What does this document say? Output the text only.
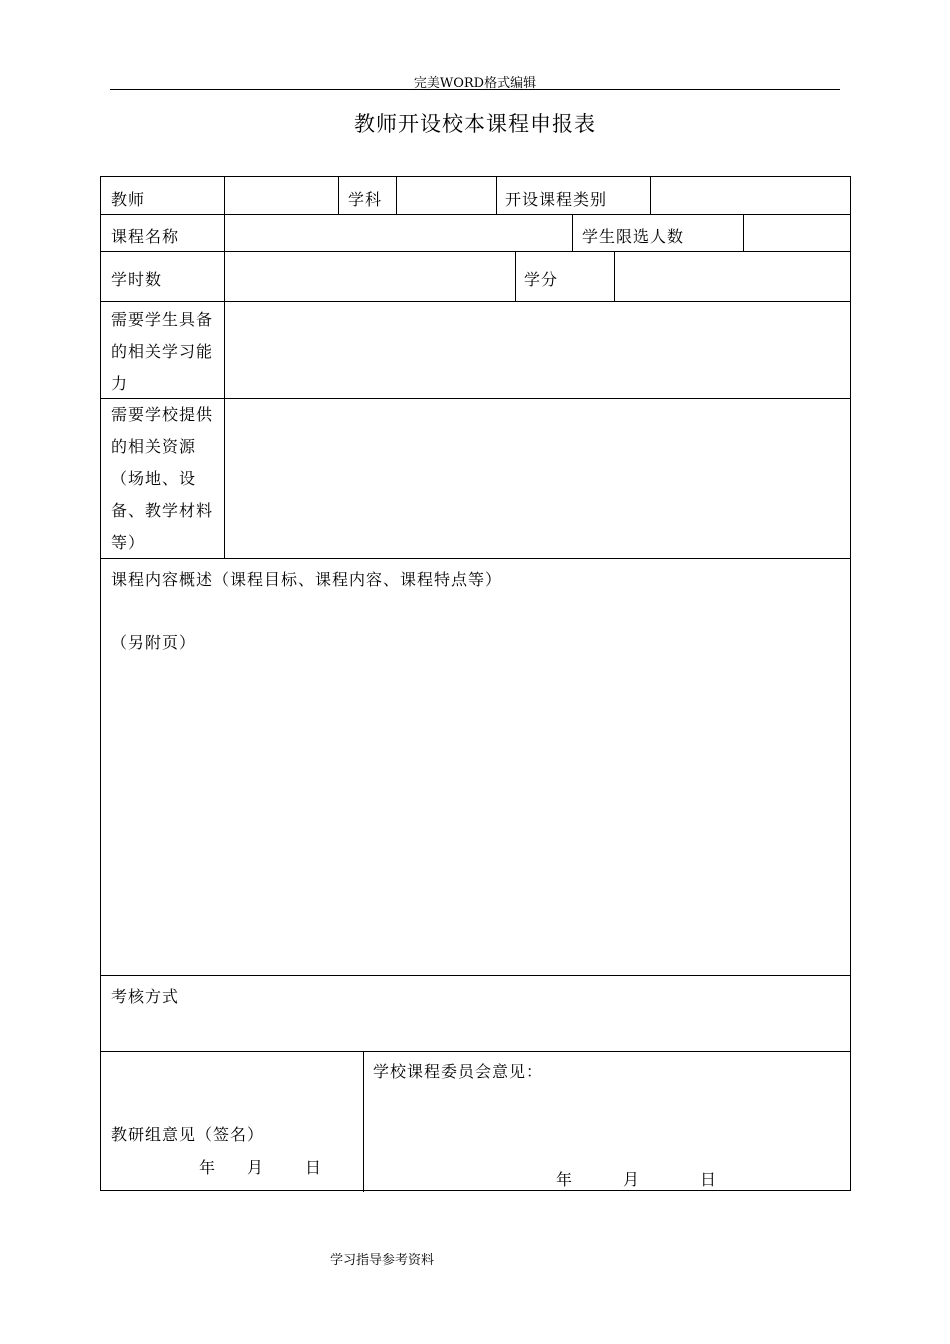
完美WORD格式编辑
教师开设校本课程申报表
教师	学科	开设课程类别
课程名称	学生限选人数
学时数	学分
需要学生具备的相关学习能力
需要学校提供的相关资源（场地、设备、教学材料等）
课程内容概述（课程目标、课程内容、课程特点等）
（另附页）
考核方式
教研组意见（签名）
年 月	日
学校课程委员会意见：
年	月	日
学习指导参考资料
